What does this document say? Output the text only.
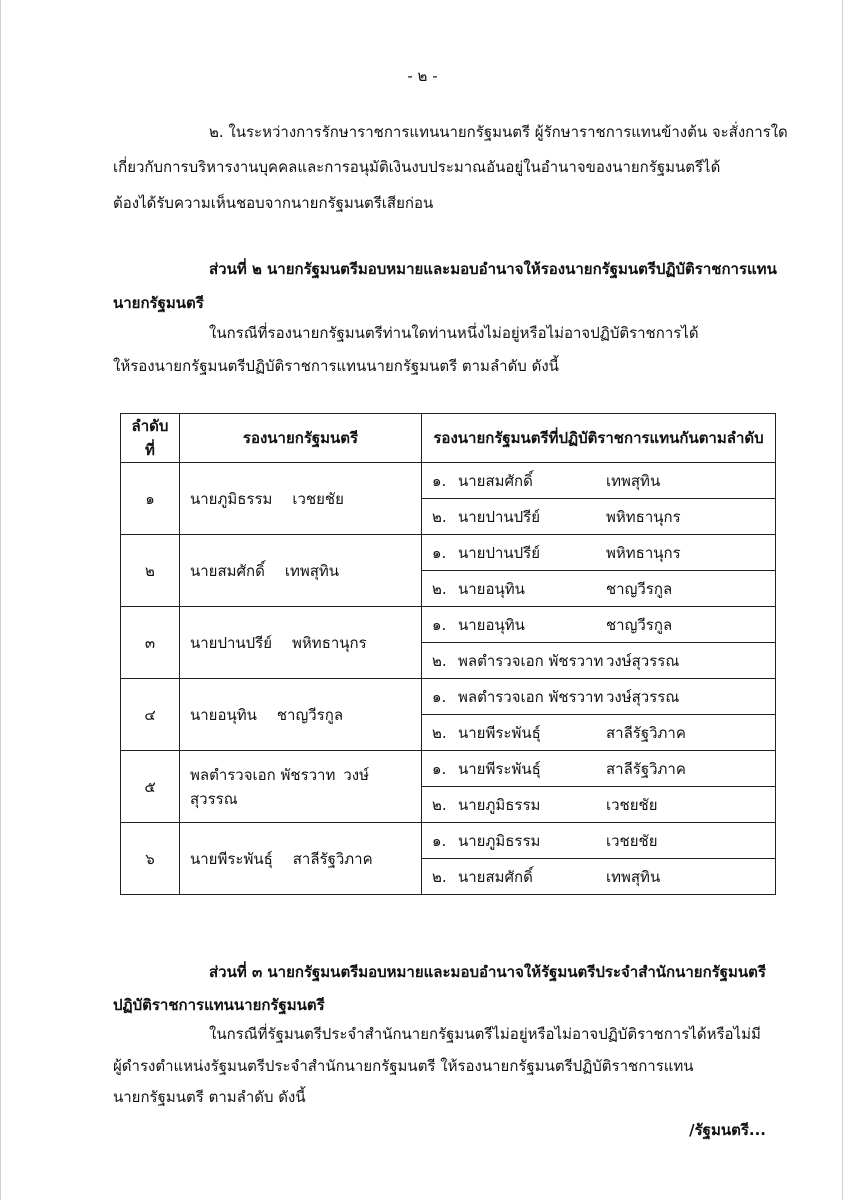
- ๒ -
๒. ในระหว่างการรักษาราชการแทนนายกรัฐมนตรี ผู้รักษาราชการแทนข้างต้น จะสั่งการใด
เกี่ยวกับการบริหารงานบุคคลและการอนุมัติเงินงบประมาณอันอยู่ในอำนาจของนายกรัฐมนตรีได้
ต้องได้รับความเห็นชอบจากนายกรัฐมนตรีเสียก่อน
ส่วนที่ ๒ นายกรัฐมนตรีมอบหมายและมอบอำนาจให้รองนายกรัฐมนตรีปฏิบัติราชการแทน
นายกรัฐมนตรี
ในกรณีที่รองนายกรัฐมนตรีท่านใดท่านหนึ่งไม่อยู่หรือไม่อาจปฏิบัติราชการได้
ให้รองนายกรัฐมนตรีปฏิบัติราชการแทนนายกรัฐมนตรี ตามลำดับ ดังนี้
ลำดับที่	รองนายกรัฐมนตรี	รองนายกรัฐมนตรีที่ปฏิบัติราชการแทนกันตามลำดับ
๑	นายภูมิธรรม เวชยชัย	๑. นายสมศักดิ์ เทพสุทิน
		๒. นายปานปรีย์ พหิทธานุกร
๒	นายสมศักดิ์ เทพสุทิน	๑. นายปานปรีย์ พหิทธานุกร
		๒. นายอนุทิน ชาญวีรกูล
๓	นายปานปรีย์ พหิทธานุกร	๑. นายอนุทิน ชาญวีรกูล
		๒. พลตำรวจเอก พัชรวาท วงษ์สุวรรณ
๔	นายอนุทิน ชาญวีรกูล	๑. พลตำรวจเอก พัชรวาท วงษ์สุวรรณ
		๒. นายพีระพันธุ์ สาลีรัฐวิภาค
๕	พลตำรวจเอก พัชรวาท วงษ์สุวรรณ	๑. นายพีระพันธุ์ สาลีรัฐวิภาค
		๒. นายภูมิธรรม เวชยชัย
๖	นายพีระพันธุ์ สาลีรัฐวิภาค	๑. นายภูมิธรรม เวชยชัย
		๒. นายสมศักดิ์ เทพสุทิน
ส่วนที่ ๓ นายกรัฐมนตรีมอบหมายและมอบอำนาจให้รัฐมนตรีประจำสำนักนายกรัฐมนตรี
ปฏิบัติราชการแทนนายกรัฐมนตรี
ในกรณีที่รัฐมนตรีประจำสำนักนายกรัฐมนตรีไม่อยู่หรือไม่อาจปฏิบัติราชการได้หรือไม่มี
ผู้ดำรงตำแหน่งรัฐมนตรีประจำสำนักนายกรัฐมนตรี ให้รองนายกรัฐมนตรีปฏิบัติราชการแทน
นายกรัฐมนตรี ตามลำดับ ดังนี้
/รัฐมนตรี...
